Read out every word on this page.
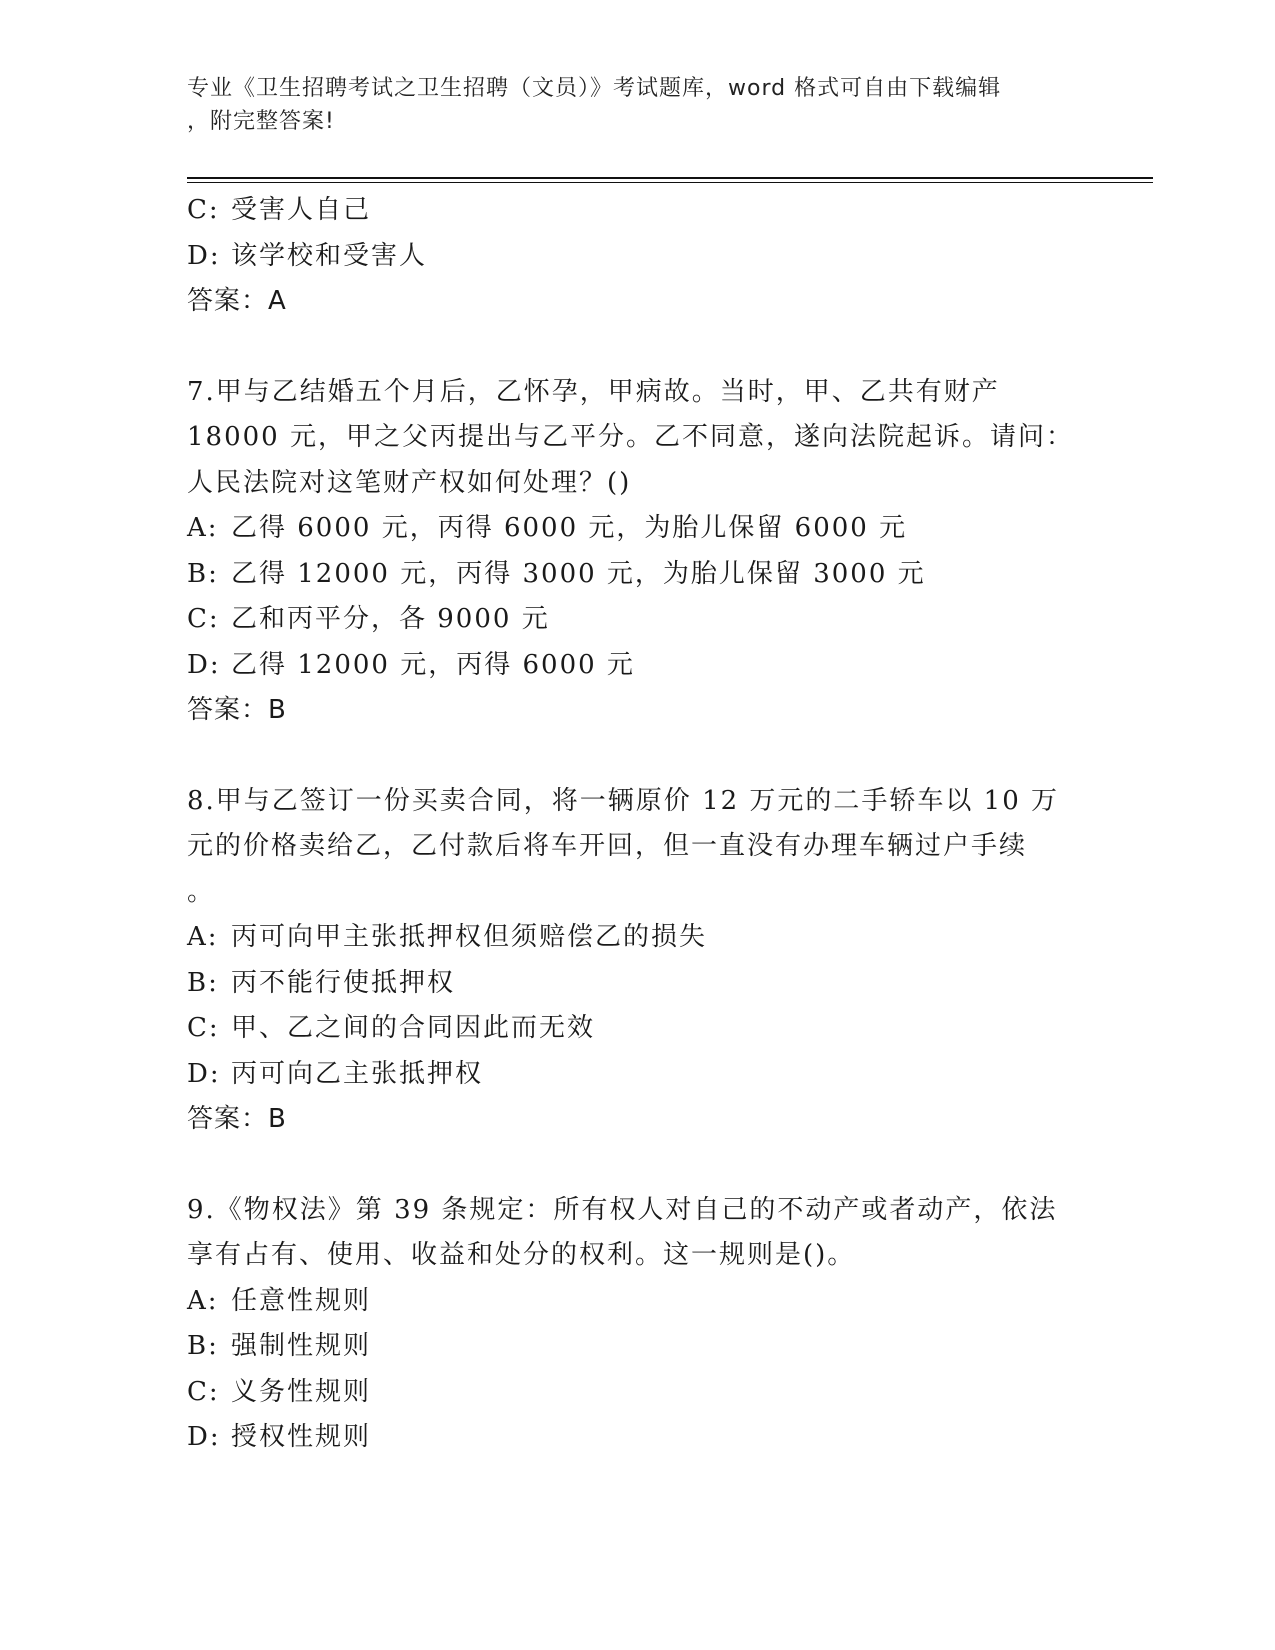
专业《卫生招聘考试之卫生招聘（文员）》考试题库，word 格式可自由下载编辑
，附完整答案!
C: 受害人自己
D: 该学校和受害人
答案：A
7.甲与乙结婚五个月后，乙怀孕，甲病故。当时，甲、乙共有财产
18000 元，甲之父丙提出与乙平分。乙不同意，遂向法院起诉。请问：
人民法院对这笔财产权如何处理？()
A: 乙得 6000 元，丙得 6000 元，为胎儿保留 6000 元
B: 乙得 12000 元，丙得 3000 元，为胎儿保留 3000 元
C: 乙和丙平分，各 9000 元
D: 乙得 12000 元，丙得 6000 元
答案：B
8.甲与乙签订一份买卖合同，将一辆原价 12 万元的二手轿车以 10 万
元的价格卖给乙，乙付款后将车开回，但一直没有办理车辆过户手续
。
A: 丙可向甲主张抵押权但须赔偿乙的损失
B: 丙不能行使抵押权
C: 甲、乙之间的合同因此而无效
D: 丙可向乙主张抵押权
答案：B
9.《物权法》第 39 条规定：所有权人对自己的不动产或者动产，依法
享有占有、使用、收益和处分的权利。这一规则是()。
A: 任意性规则
B: 强制性规则
C: 义务性规则
D: 授权性规则
